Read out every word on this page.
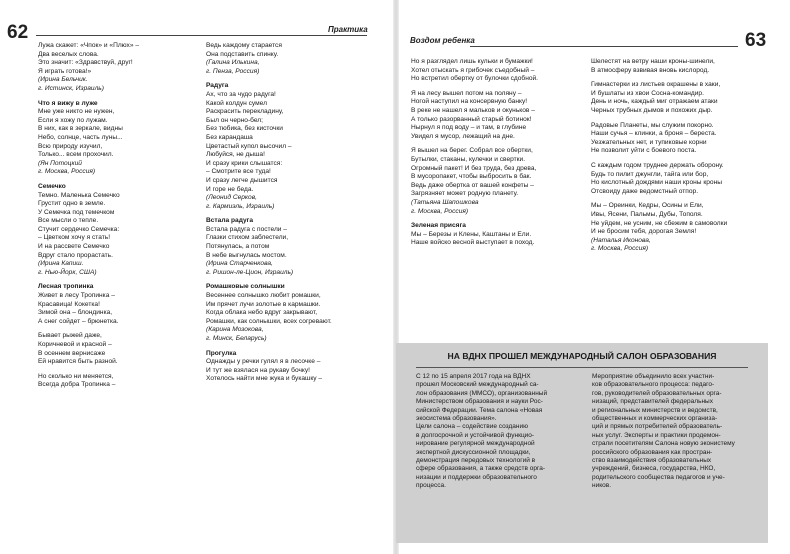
62	Практика
Воздом ребенка	63
Лужа скажет: «Чпок» и «Плюх» –
Два веселых слова.
Это значит: «Здравствуй, друг!
Я играть готова!»
(Ирина Бельчик.
г. Истинск, Израиль)
Что я вижу в луже
Мне уже никто не нужен,
Если я хожу по лужам.
В них, как в зеркале, видны
Небо, солнце, часть луны...
Всю природу изучил,
Только... всем прохочил.
(Ян Потоцкий
г. Москва, Россия)
Семечко
Темно. Маленька Семечко
Грустит одно в земле.
У Семечка под темечком
Все мысли о тепле.
Стучит сердечко Семечка:
– Цветком хочу я стать!
И на рассвете Семечко
Вдруг стало прорастать.
(Ирина Капиш.
г. Нью-Йорк, США)
Лесная тропинка
Живет в лесу Тропинка –
Красавица! Кокетка!
Зимой она – блондинка,
А снег сойдет – брюнетка.
Бывает рыжей даже,
Коричневой и красной –
В осеннем вернисаже
Ей нравится быть разной.
Но сколько ни меняется,
Всегда добра Тропинка –
Ведь каждому старается
Она подставить спинку.
(Галина Илькина,
г. Пенза, Россия)
Радуга
Ах, что за чудо радуга!
Какой колдун сумел
Раскрасить перекладину,
Был он черно-бел;
Без тюбика, без кисточки
Без карандаша
Цветастый купол высочил –
Любуйся, не дыша!
И сразу крики слышатся:
– Смотрите все туда!
И сразу легче дышится
И горе не беда.
(Леонид Серков,
г. Кармиэль, Израиль)
Встала радуга
Встала радуга с постели –
Глазки стихом заблестели,
Потянулась, а потом
В небе выгнулась мостом.
(Ирина Старченкова,
г. Ришон-ле-Цион, Израиль)
Ромашковые солнышки
Весеннее солнышко любит ромашки,
Им прячет лучи золотые в кармашки.
Когда облака небо вдруг закрывают,
Ромашки, как солнышки, всех согревают.
(Карина Мозокова,
г. Минск, Беларусь)
Прогулка
Однажды у речки гулял я в лесочке –
И тут же взялася на рукаву бочку!
Хотелось найти мне жука и букашку –
Но я разглядел лишь кульки и бумажки!
Хотел отыскать я грибочек съедобный –
Но встретил обертку от булочки сдобной.
Я на лесу вышел потом на поляну –
Ногой наступил на консервную банку!
В реке не нашел я мальков и окуньков –
А только разорванный старый ботинок!
Нырнул я под воду – и там, в глубине
Увидел я мусор, лежащий на дне.
Я вышел на берег. Собрал все обертки,
Бутылки, стаканы, кулечки и свертки.
Огромный пакет! И без труда, без древа,
В мусоропакет, чтобы выбросить в бак.
Ведь даже обертка от вашей конфеты –
Загрязняет может родную планету.
(Татьяна Шапошкова
г. Москва, Россия)
Зеленая присяга
Мы – Березы и Клены, Каштаны и Ели.
Наше войско весной выступает в поход.
Шелестят на ветру наши кроны-шинели,
В атмосферу взвивая вновь кислород.
Гимнастерки из листьев окрашены в хаки,
И бушлаты из хвои Сосна-командир.
День и ночь, каждый миг отражаем атаки
Черных трубных дымов и похожих дыр.
Радовые Планеты, мы служим покорно.
Наши сучья – клинки, а броня – береста.
Уезжательных нет, и тупиковые корни
Не позволит уйти с боевого поста.
С каждым годом труднее держать оборону.
Будь то пилит джунгли, тайга или бор,
Но кислотный дождями наши кроны кроны
Отсвоиду даже ведомстный отпор.
Мы – Ореинки, Кедры, Осины и Ели,
Ивы, Ясени, Пальмы, Дубы, Тополя.
Не уйдем, не усним, не сбежим в самоволки
И не бросим тебя, дорогая Земля!
(Наталья Иконова,
г. Москва, Россия)
НА ВДНХ ПРОШЕЛ МЕЖДУНАРОДНЫЙ САЛОН ОБРАЗОВАНИЯ
С 12 по 15 апреля 2017 года на ВДНХ
прошел Московский международный са-
лон образования (ММСО), организованный
Министерством образования и науки Рос-
сийской Федерации. Тема салона «Новая
экосистема образования».
Цели салона – содействие созданию
в долгосрочной и устойчивой функцио-
нирование регулярной международной
экспертной дискуссионной площадки,
демонстрация передовых технологий в
сфере образования, а также средств орга-
низации и поддержки образовательного
процесса.
Мероприятие объединило всех участни-
ков образовательного процесса: педаго-
гов, руководителей образовательных орга-
низаций, представителей федеральных
и региональных министерств и ведомств,
общественных и коммерческих организа-
ций и прямых потребителей образователь-
ных услуг. Эксперты и практики продемон-
страли посетителям Салона новую эконистему
российского образования как простран-
ство взаимодействия образовательных
учреждений, бизнеса, государства, НКО,
родительского сообщества педагогов и уче-
ников.
